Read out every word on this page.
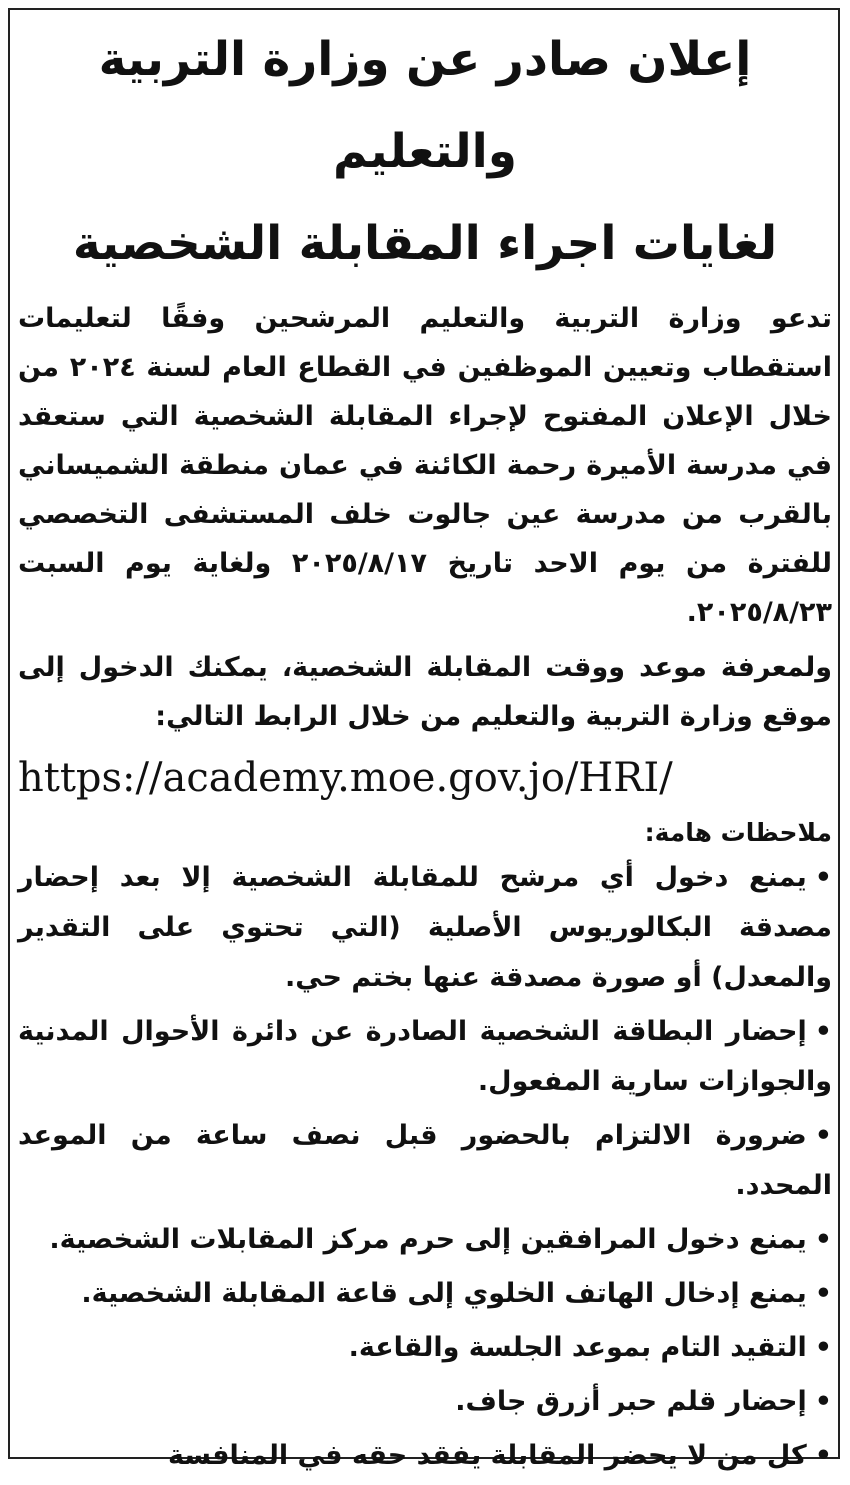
إعلان صادر عن وزارة التربية والتعليم
لغايات اجراء المقابلة الشخصية

تدعو وزارة التربية والتعليم المرشحين وفقًا لتعليمات استقطاب وتعيين الموظفين في القطاع العام لسنة ٢٠٢٤ من خلال الإعلان المفتوح لإجراء المقابلة الشخصية التي ستعقد في مدرسة الأميرة رحمة الكائنة في عمان منطقة الشميساني بالقرب من مدرسة عين جالوت خلف المستشفى التخصصي للفترة من يوم الاحد تاريخ ٢٠٢٥/٨/١٧ ولغاية يوم السبت ٢٠٢٥/٨/٢٣.

ولمعرفة موعد ووقت المقابلة الشخصية، يمكنك الدخول إلى موقع وزارة التربية والتعليم من خلال الرابط التالي:

https://academy.moe.gov.jo/HRI/
ملاحظات هامة:
•يمنع دخول أي مرشح للمقابلة الشخصية إلا بعد إحضار مصدقة البكالوريوس الأصلية (التي تحتوي على التقدير والمعدل) أو صورة مصدقة عنها بختم حي.
•إحضار البطاقة الشخصية الصادرة عن دائرة الأحوال المدنية والجوازات سارية المفعول.
•ضرورة الالتزام بالحضور قبل نصف ساعة من الموعد المحدد.
•يمنع دخول المرافقين إلى حرم مركز المقابلات الشخصية.
•يمنع إدخال الهاتف الخلوي إلى قاعة المقابلة الشخصية.
•التقيد التام بموعد الجلسة والقاعة.
•إحضار قلم حبر أزرق جاف.
•كل من لا يحضر المقابلة يفقد حقه في المنافسة
